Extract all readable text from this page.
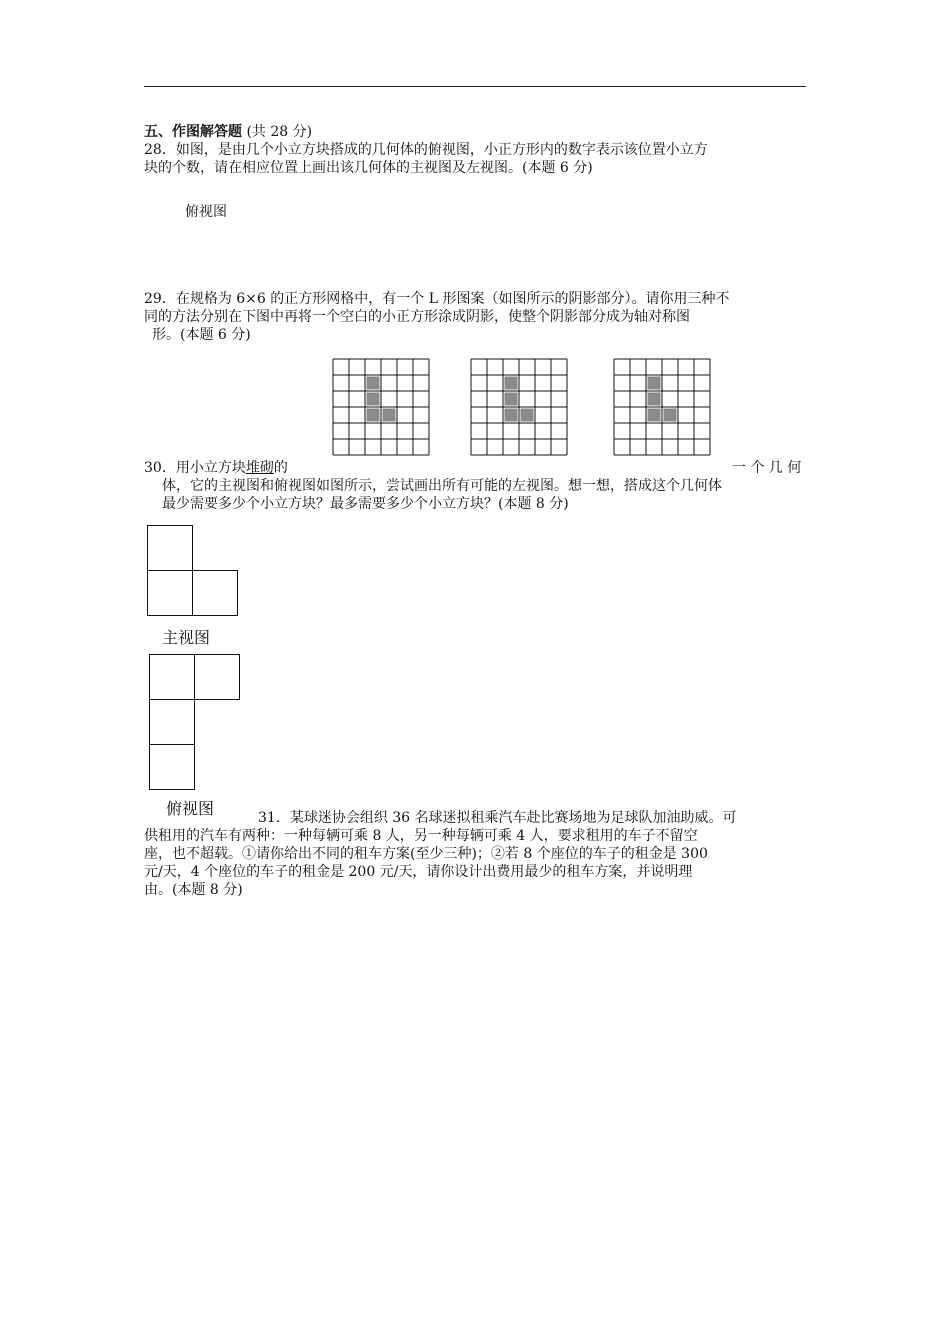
五、作图解答题 (共 28 分)
28．如图，是由几个小立方块搭成的几何体的俯视图，小正方形内的数字表示该位置小立方
块的个数，请在相应位置上画出该几何体的主视图及左视图。(本题 6 分)
俯视图
29．在规格为 6×6 的正方形网格中，有一个 L 形图案（如图所示的阴影部分）。请你用三种不
同的方法分别在下图中再将一个空白的小正方形涂成阴影，使整个阴影部分成为轴对称图
形。(本题 6 分)
30．用小立方块堆砌的	一 个 几 何
体，它的主视图和俯视图如图所示，尝试画出所有可能的左视图。想一想，搭成这个几何体
最少需要多少个小立方块？最多需要多少个小立方块？(本题 8 分)
主视图
俯视图	31．某球迷协会组织 36 名球迷拟租乘汽车赴比赛场地为足球队加油助威。可
供租用的汽车有两种：一种每辆可乘 8 人，另一种每辆可乘 4 人，要求租用的车子不留空
座，也不超载。①请你给出不同的租车方案(至少三种)；②若 8 个座位的车子的租金是 300
元/天，4 个座位的车子的租金是 200 元/天，请你设计出费用最少的租车方案，并说明理
由。(本题 8 分)
